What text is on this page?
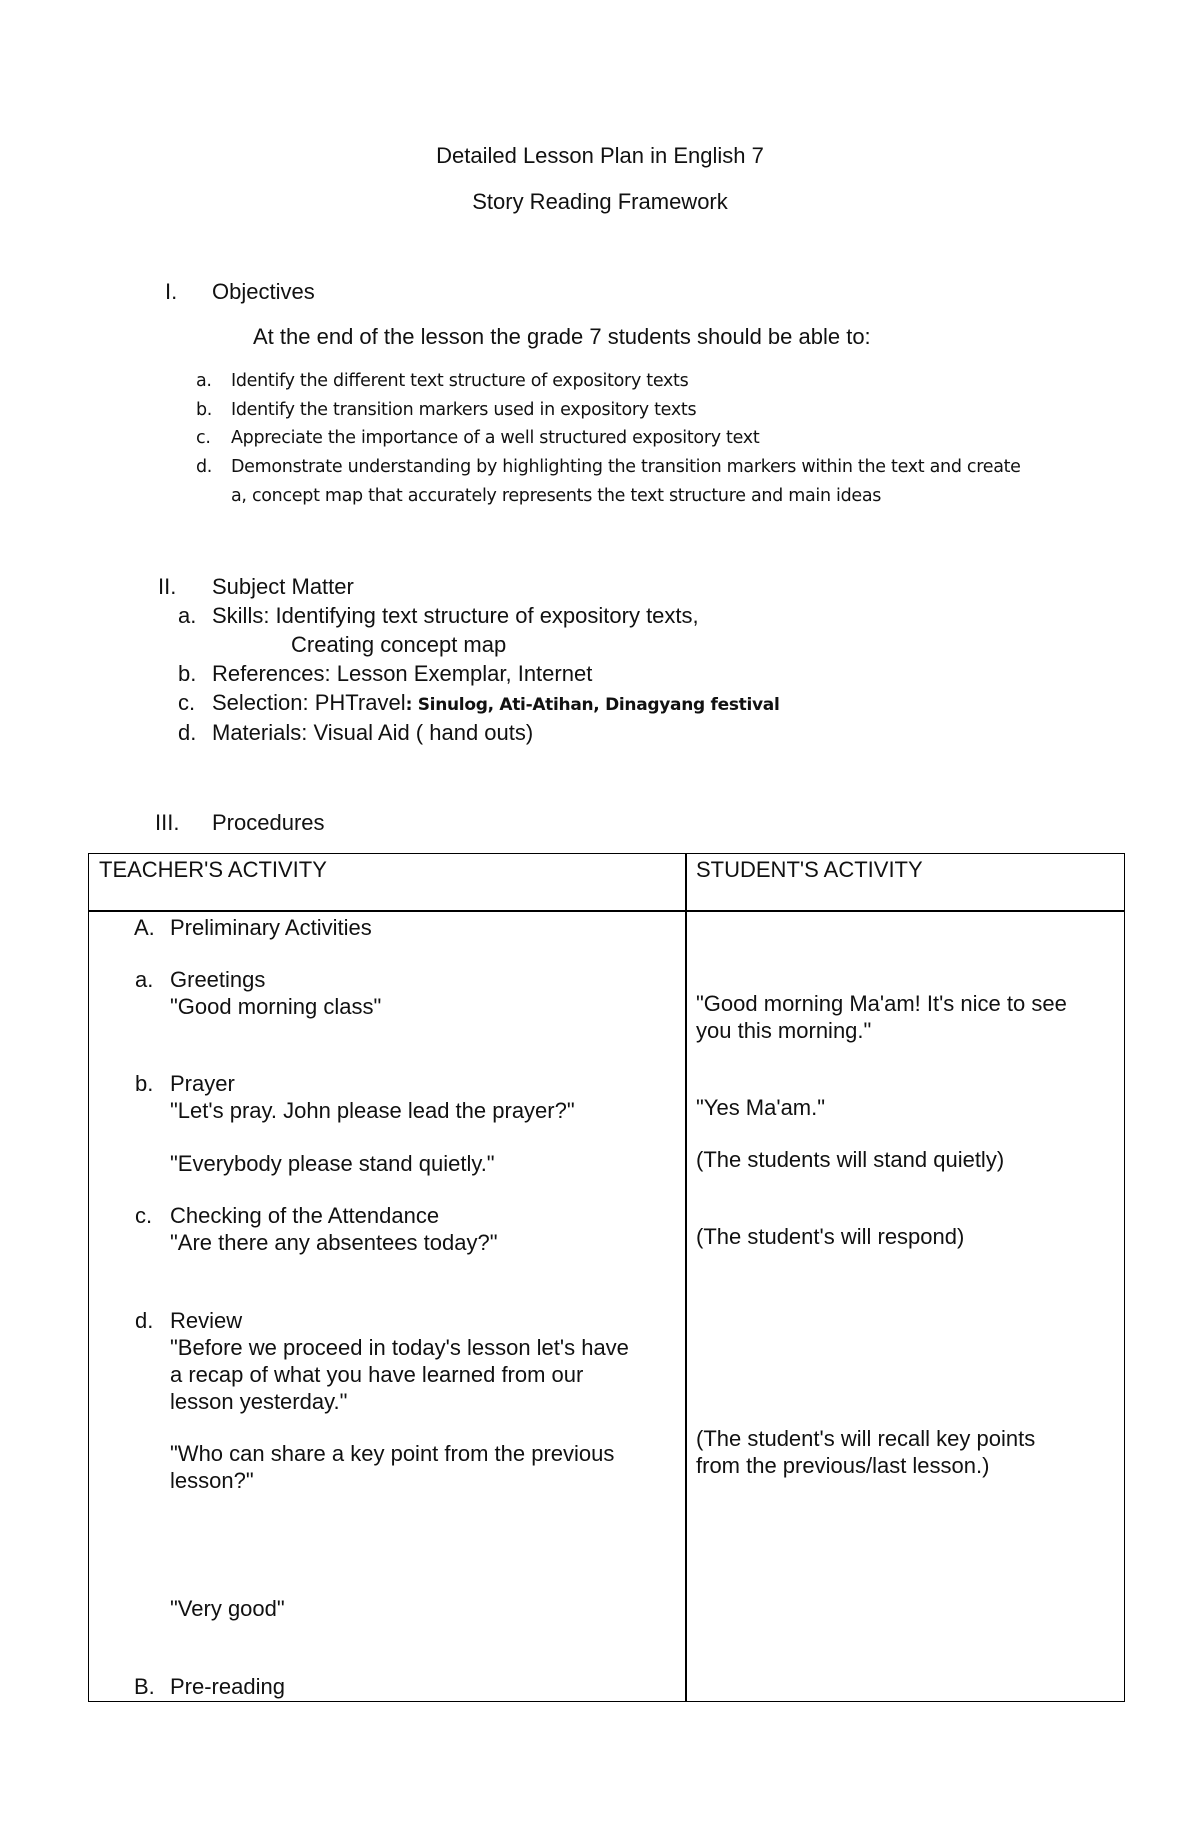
Detailed Lesson Plan in English 7
Story Reading Framework
I. Objectives
At the end of the lesson the grade 7 students should be able to:
a. Identify the different text structure of expository texts
b. Identify the transition markers used in expository texts
c. Appreciate the importance of a well structured expository text
d. Demonstrate understanding by highlighting the transition markers within the text and create
a, concept map that accurately represents the text structure and main ideas
II. Subject Matter
a. Skills: Identifying text structure of expository texts,
Creating concept map
b. References: Lesson Exemplar, Internet
c. Selection: PHTravel: Sinulog, Ati-Atihan, Dinagyang festival
d. Materials: Visual Aid ( hand outs)
III. Procedures
TEACHER'S ACTIVITY	STUDENT'S ACTIVITY
A. Preliminary Activities
a. Greetings
"Good morning class"
b. Prayer
"Let's pray. John please lead the prayer?"
"Everybody please stand quietly."
c. Checking of the Attendance
"Are there any absentees today?"
d. Review
"Before we proceed in today's lesson let's have
a recap of what you have learned from our
lesson yesterday."
"Who can share a key point from the previous
lesson?"
"Very good"
B. Pre-reading
"Good morning Ma'am! It's nice to see
you this morning."
"Yes Ma'am."
(The students will stand quietly)
(The student's will respond)
(The student's will recall key points
from the previous/last lesson.)
